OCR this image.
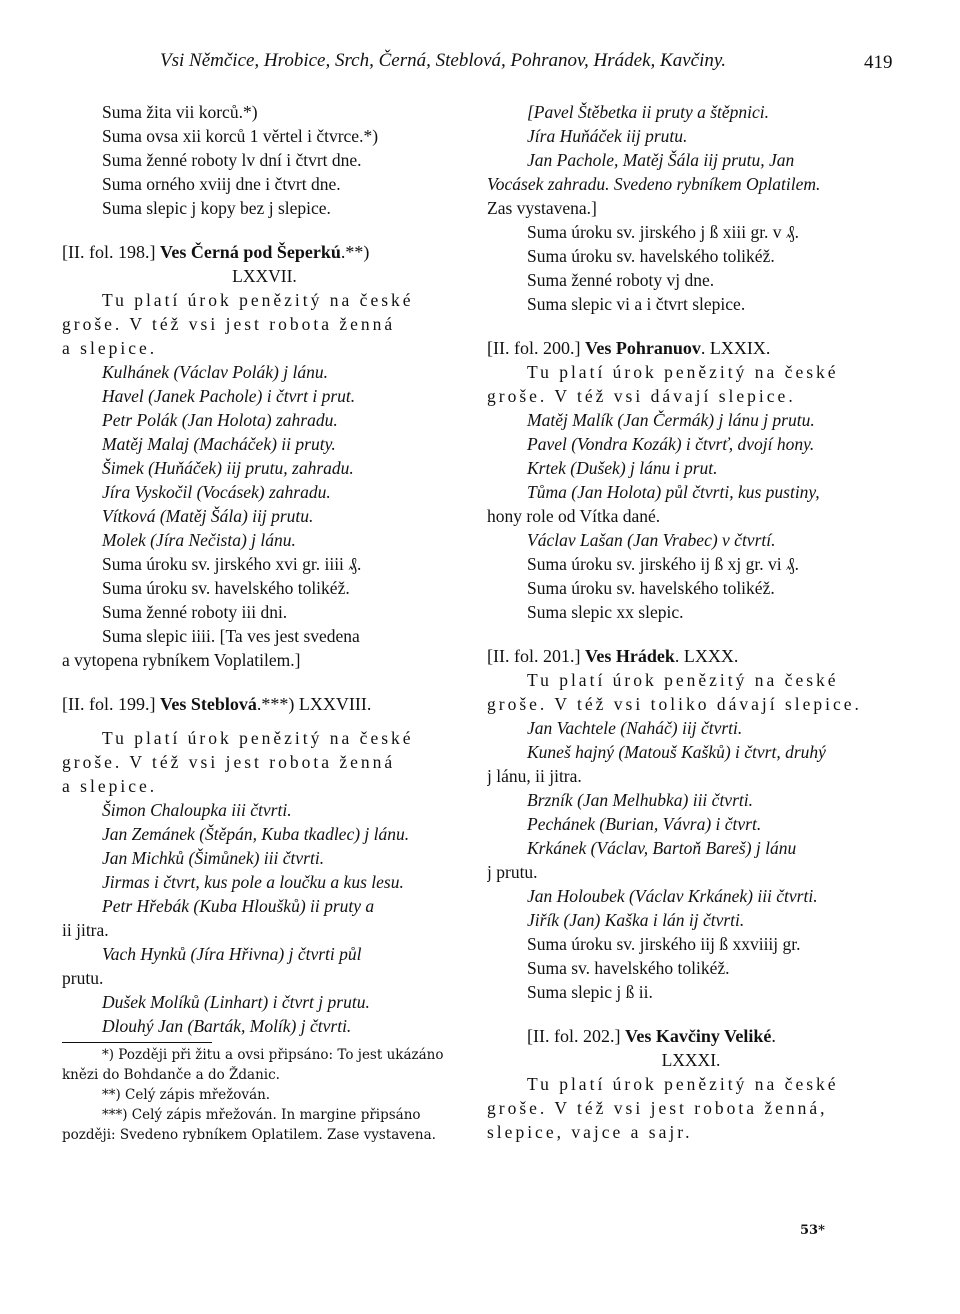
Vsi Němčice, Hrobice, Srch, Černá, Steblová, Pohranov, Hrádek, Kavčiny.	419
Suma žita vii korců.*)
Suma ovsa xii korců 1 věrtel i čtvrce.*)
Suma ženné roboty lv dní i čtvrt dne.
Suma orného xviij dne i čtvrt dne.
Suma slepic j kopy bez j slepice.
[II. fol. 198.] Ves Černá pod Šeperkú.**)
LXXVII.
Tu platí úrok penězitý na české
groše. V též vsi jest robota ženná
a slepice.
Kulhánek (Václav Polák) j lánu.
Havel (Janek Pachole) i čtvrt i prut.
Petr Polák (Jan Holota) zahradu.
Matěj Malaj (Macháček) ii pruty.
Šimek (Huňáček) iij prutu, zahradu.
Jíra Vyskočil (Vocásek) zahradu.
Vítková (Matěj Šála) iij prutu.
Molek (Jíra Nečista) j lánu.
Suma úroku sv. jirského xvi gr. iiii ₰.
Suma úroku sv. havelského tolikéž.
Suma ženné roboty iii dni.
Suma slepic iiii. [Ta ves jest svedena
a vytopena rybníkem Voplatilem.]
[II. fol. 199.] Ves Steblová.***) LXXVIII.
Tu platí úrok penězitý na české
groše. V též vsi jest robota ženná
a slepice.
Šimon Chaloupka iii čtvrti.
Jan Zemánek (Štěpán, Kuba tkadlec) j lánu.
Jan Michků (Šimůnek) iii čtvrti.
Jirmas i čtvrt, kus pole a loučku a kus lesu.
Petr Hřebák (Kuba Hloušků) ii pruty a
ii jitra.
Vach Hynků (Jíra Hřivna) j čtvrti půl
prutu.
Dušek Molíků (Linhart) i čtvrt j prutu.
Dlouhý Jan (Barták, Molík) j čtvrti.
*) Později při žitu a ovsi připsáno: To jest ukázáno knězi do Bohdanče a do Ždanic.
**) Celý zápis mřežován.
***) Celý zápis mřežován. In margine připsáno později: Svedeno rybníkem Oplatilem. Zase vystavena.
[Pavel Štěbetka ii pruty a štěpnici.
Jíra Huňáček iij prutu.
Jan Pachole, Matěj Šála iij prutu, Jan
Vocásek zahradu. Svedeno rybníkem Oplatilem.
Zas vystavena.]
Suma úroku sv. jirského j ß xiii gr. v ₰.
Suma úroku sv. havelského tolikéž.
Suma ženné roboty vj dne.
Suma slepic vi a i čtvrt slepice.
[II. fol. 200.] Ves Pohranuov. LXXIX.
Tu platí úrok penězitý na české
groše. V též vsi dávají slepice.
Matěj Malík (Jan Čermák) j lánu j prutu.
Pavel (Vondra Kozák) i čtvrť, dvojí hony.
Krtek (Dušek) j lánu i prut.
Tůma (Jan Holota) půl čtvrti, kus pustiny,
hony role od Vítka dané.
Václav Lašan (Jan Vrabec) v čtvrtí.
Suma úroku sv. jirského ij ß xj gr. vi ₰.
Suma úroku sv. havelského tolikéž.
Suma slepic xx slepic.
[II. fol. 201.] Ves Hrádek. LXXX.
Tu platí úrok penězitý na české
groše. V též vsi toliko dávají slepice.
Jan Vachtele (Naháč) iij čtvrti.
Kuneš hajný (Matouš Kašků) i čtvrt, druhý
j lánu, ii jitra.
Brzník (Jan Melhubka) iii čtvrti.
Pechánek (Burian, Vávra) i čtvrt.
Krkánek (Václav, Bartoň Bareš) j lánu
j prutu.
Jan Holoubek (Václav Krkánek) iii čtvrti.
Jiřík (Jan) Kaška i lán ij čtvrti.
Suma úroku sv. jirského iij ß xxviiij gr.
Suma sv. havelského tolikéž.
Suma slepic j ß ii.
[II. fol. 202.] Ves Kavčiny Veliké.
LXXXI.
Tu platí úrok penězitý na české
groše. V též vsi jest robota ženná,
slepice, vajce a sajr.
53*
